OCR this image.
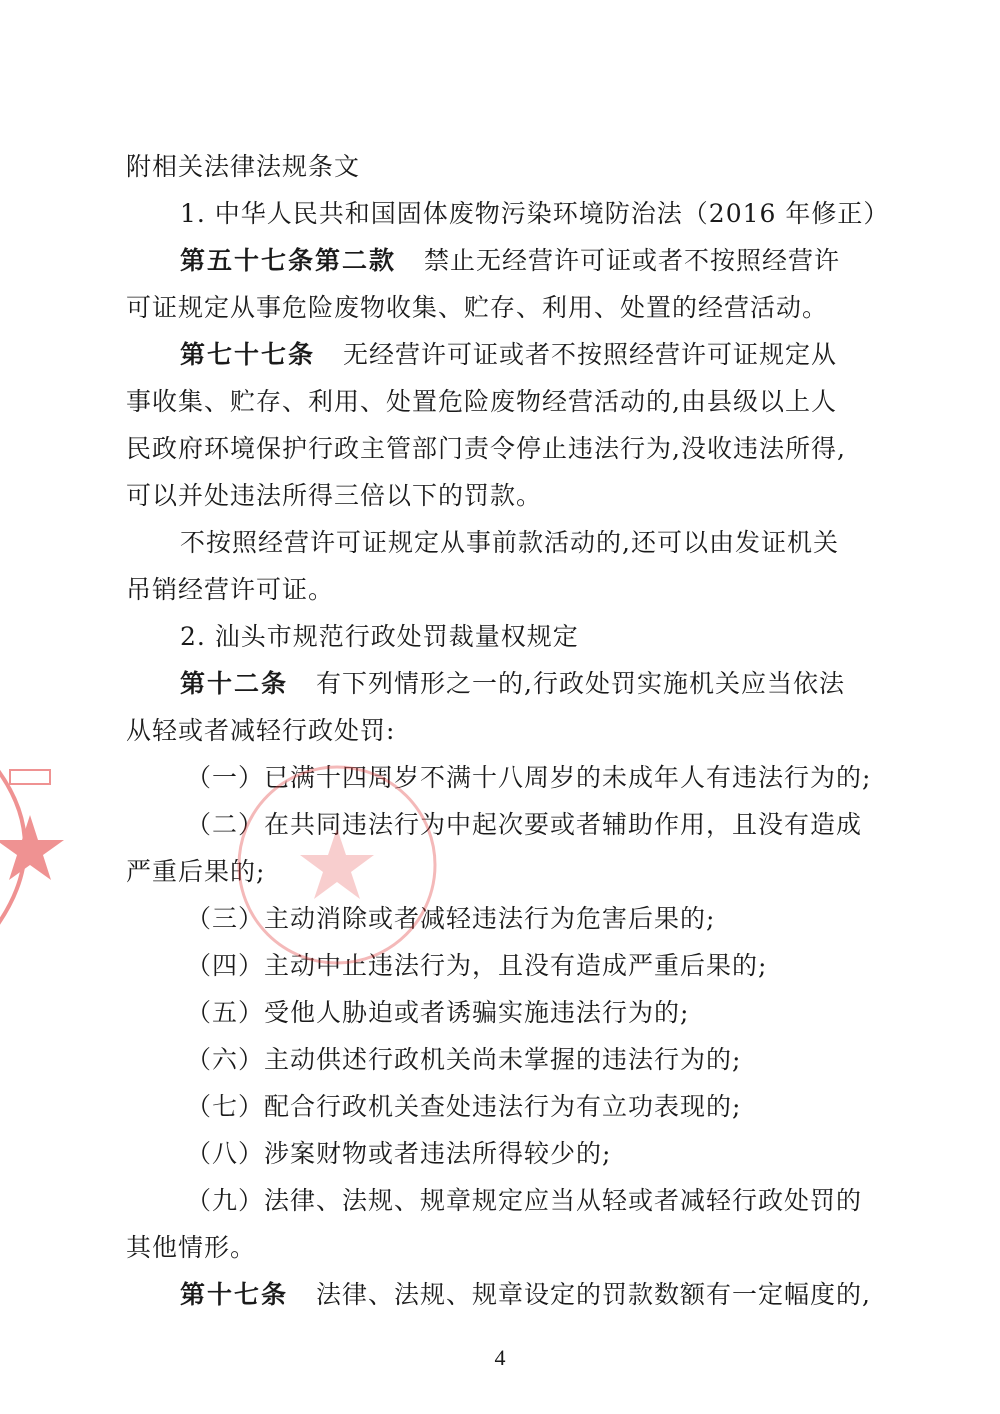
附相关法律法规条文
1. 中华人民共和国固体废物污染环境防治法（2016 年修正）
第五十七条第二款 禁止无经营许可证或者不按照经营许
可证规定从事危险废物收集、贮存、利用、处置的经营活动。
第七十七条 无经营许可证或者不按照经营许可证规定从
事收集、贮存、利用、处置危险废物经营活动的,由县级以上人
民政府环境保护行政主管部门责令停止违法行为,没收违法所得,
可以并处违法所得三倍以下的罚款。
不按照经营许可证规定从事前款活动的,还可以由发证机关
吊销经营许可证。
2. 汕头市规范行政处罚裁量权规定
第十二条 有下列情形之一的,行政处罚实施机关应当依法
从轻或者减轻行政处罚:
（一）已满十四周岁不满十八周岁的未成年人有违法行为的;
（二）在共同违法行为中起次要或者辅助作用，且没有造成
严重后果的;
（三）主动消除或者减轻违法行为危害后果的;
（四）主动中止违法行为，且没有造成严重后果的;
（五）受他人胁迫或者诱骗实施违法行为的;
（六）主动供述行政机关尚未掌握的违法行为的;
（七）配合行政机关查处违法行为有立功表现的;
（八）涉案财物或者违法所得较少的;
（九）法律、法规、规章规定应当从轻或者减轻行政处罚的
其他情形。
第十七条 法律、法规、规章设定的罚款数额有一定幅度的,
4
